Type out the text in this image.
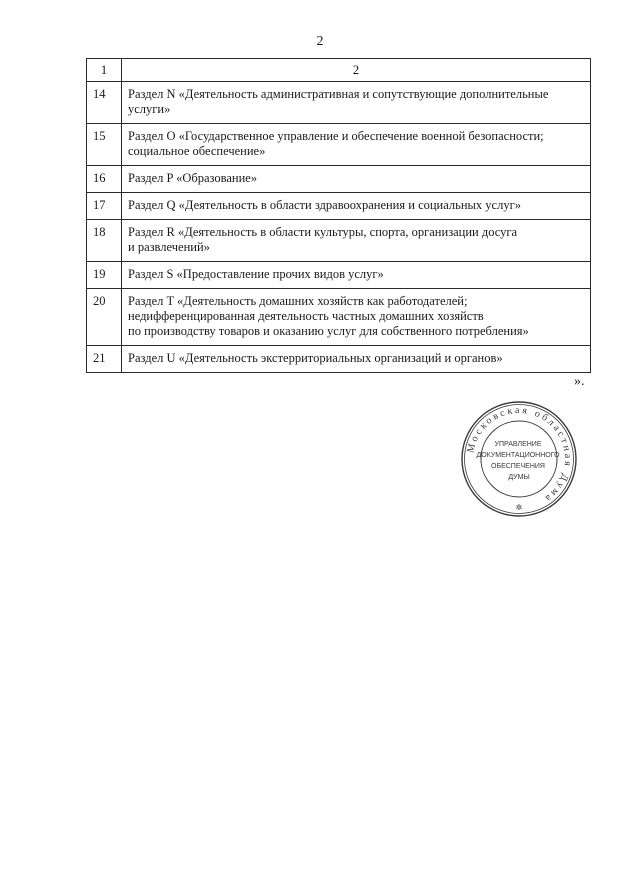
2
1	2
14	Раздел N «Деятельность административная и сопутствующие дополнительные
услуги»
15	Раздел O «Государственное управление и обеспечение военной безопасности;
социальное обеспечение»
16	Раздел P «Образование»
17	Раздел Q «Деятельность в области здравоохранения и социальных услуг»
18	Раздел R «Деятельность в области культуры, спорта, организации досуга
и развлечений»
19	Раздел S «Предоставление прочих видов услуг»
20	Раздел T «Деятельность домашних хозяйств как работодателей;
недифференцированная деятельность частных домашних хозяйств
по производству товаров и оказанию услуг для собственного потребления»
21	Раздел U «Деятельность экстерриториальных организаций и органов»
».
Московская областная Дума
УПРАВЛЕНИЕ ДОКУМЕНТАЦИОННОГО ОБЕСПЕЧЕНИЯ ДУМЫ
✲
